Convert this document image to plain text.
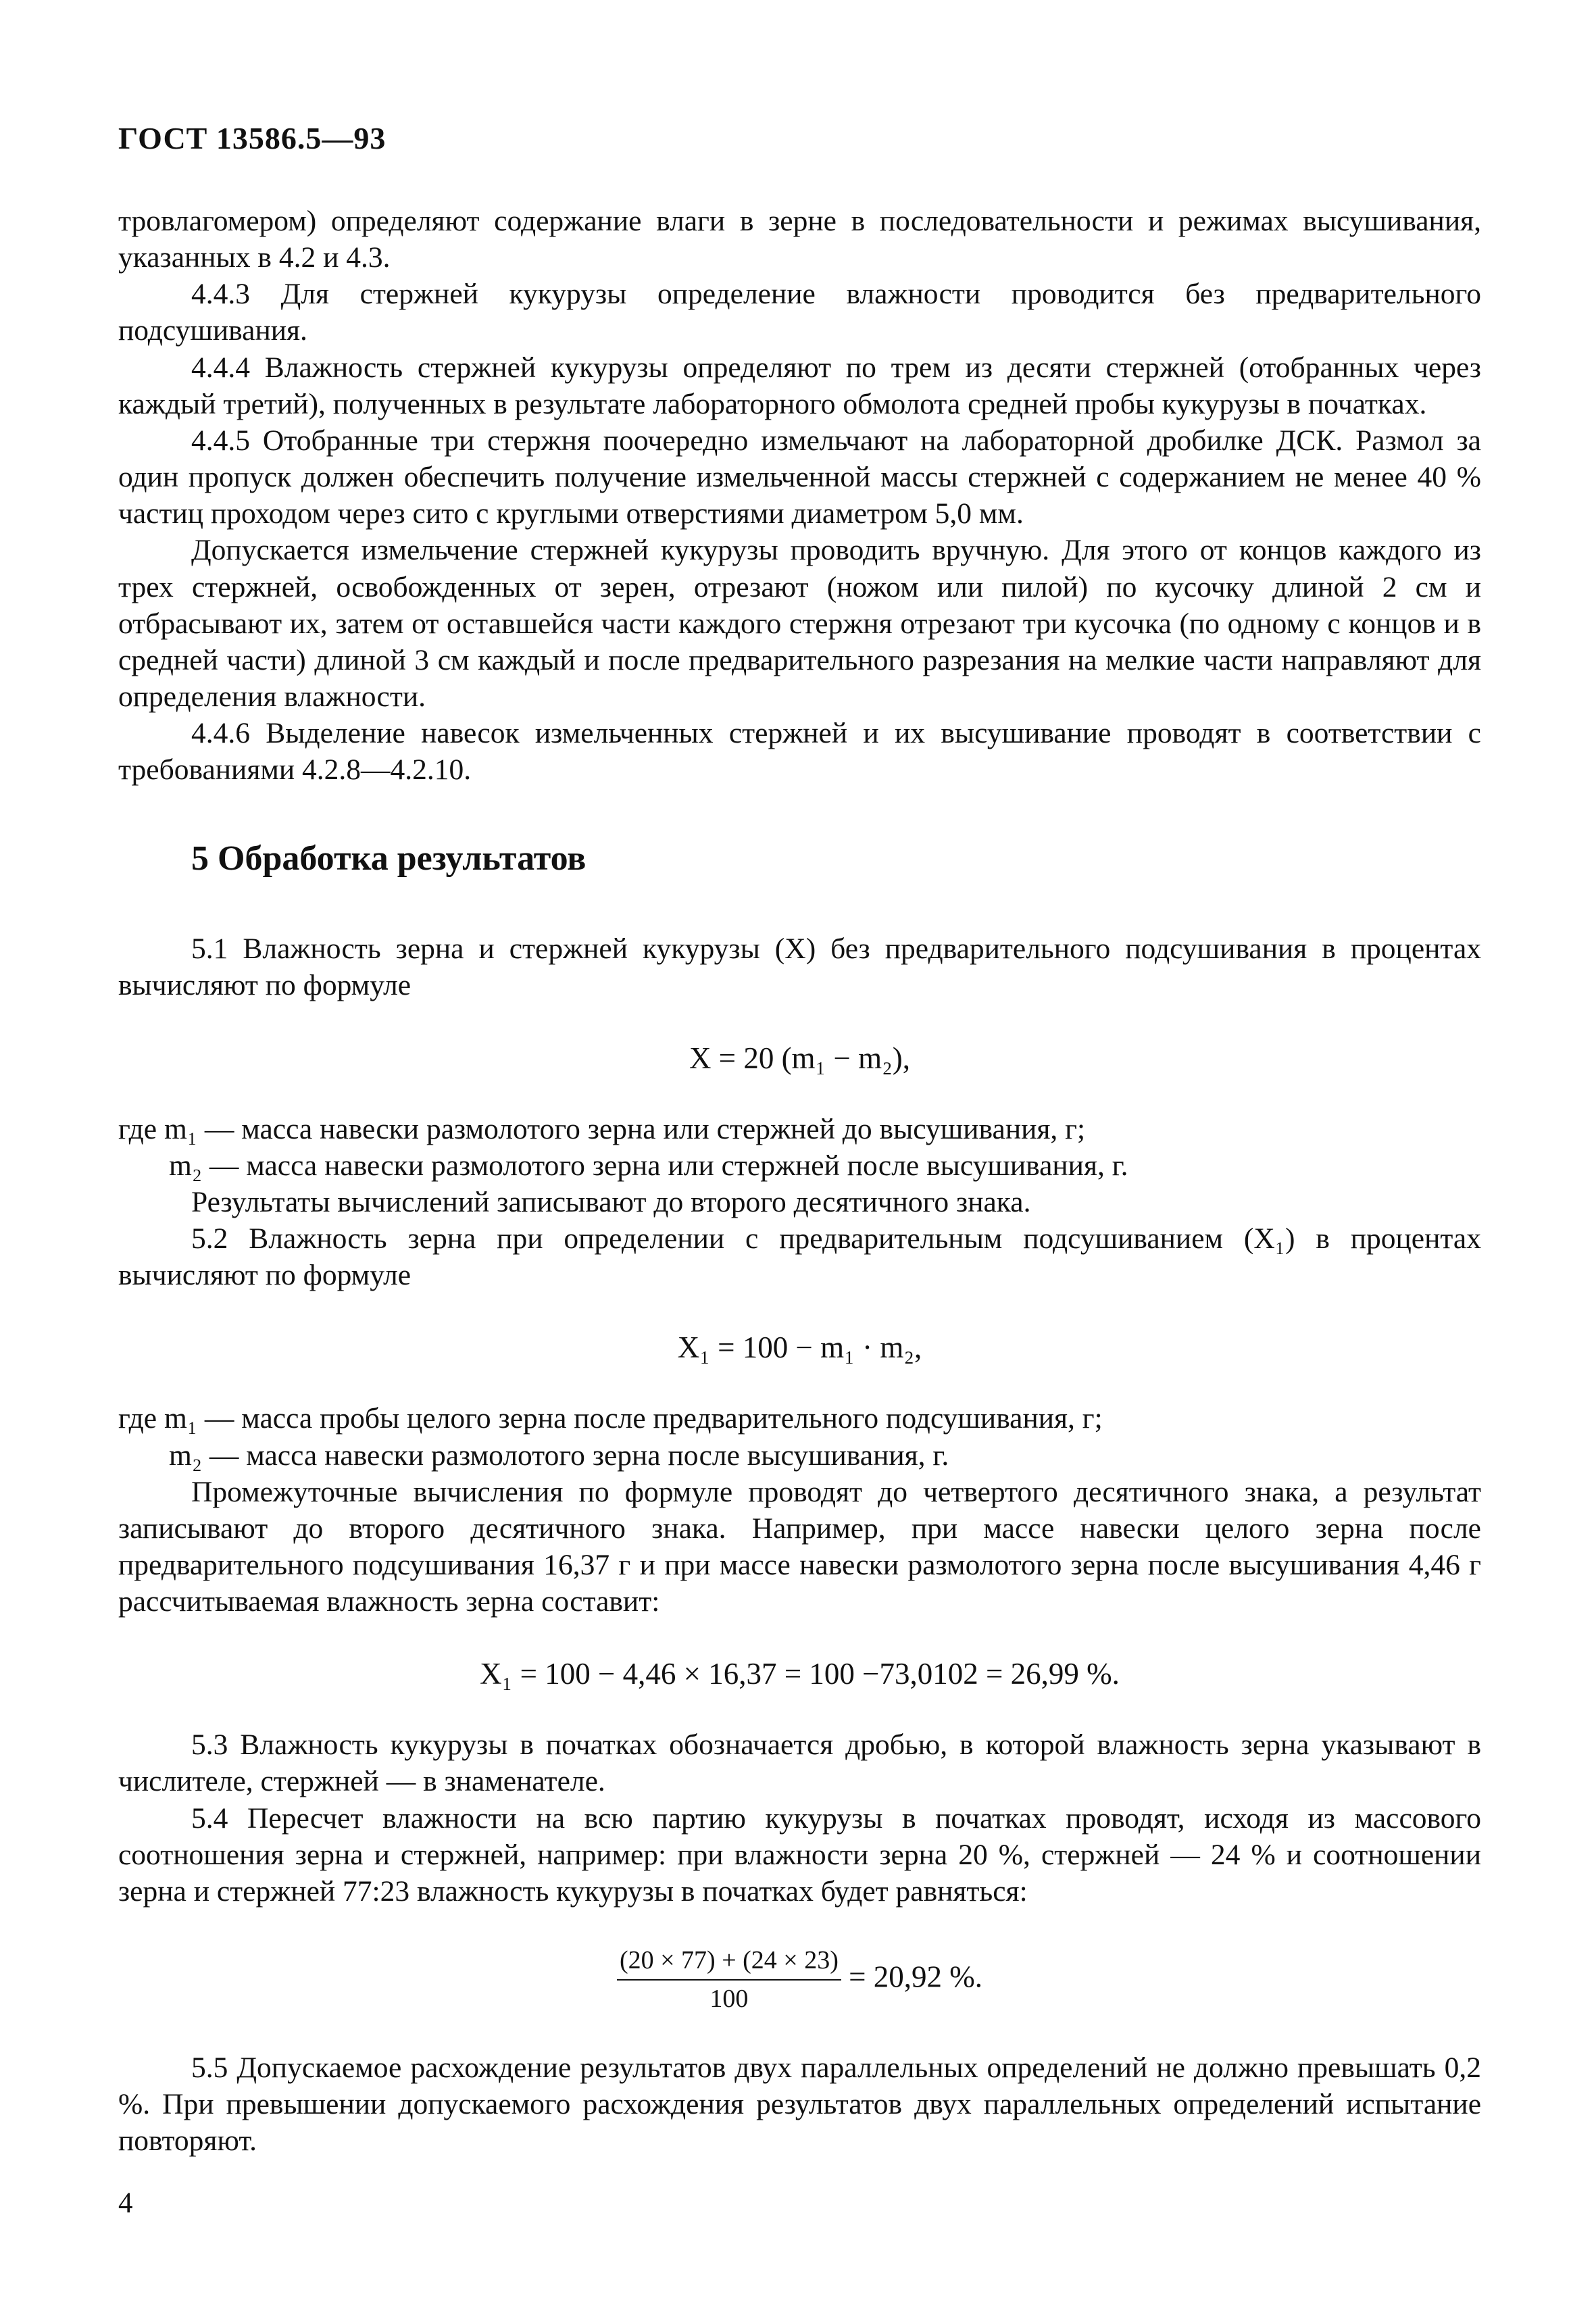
ГОСТ 13586.5—93

тровлагомером) определяют содержание влаги в зерне в последовательности и режимах высушивания, указанных в 4.2 и 4.3.

4.4.3 Для стержней кукурузы определение влажности проводится без предварительного подсушивания.

4.4.4 Влажность стержней кукурузы определяют по трем из десяти стержней (отобранных через каждый третий), полученных в результате лабораторного обмолота средней пробы кукурузы в початках.

4.4.5 Отобранные три стержня поочередно измельчают на лабораторной дробилке ДСК. Размол за один пропуск должен обеспечить получение измельченной массы стержней с содержанием не менее 40 % частиц проходом через сито с круглыми отверстиями диаметром 5,0 мм.

Допускается измельчение стержней кукурузы проводить вручную. Для этого от концов каждого из трех стержней, освобожденных от зерен, отрезают (ножом или пилой) по кусочку длиной 2 см и отбрасывают их, затем от оставшейся части каждого стержня отрезают три кусочка (по одному с концов и в средней части) длиной 3 см каждый и после предварительного разрезания на мелкие части направляют для определения влажности.

4.4.6 Выделение навесок измельченных стержней и их высушивание проводят в соответствии с требованиями 4.2.8—4.2.10.

5 Обработка результатов

5.1 Влажность зерна и стержней кукурузы (X) без предварительного подсушивания в процентах вычисляют по формуле

X = 20 (m₁ − m₂),

где m₁ — масса навески размолотого зерна или стержней до высушивания, г;

m₂ — масса навески размолотого зерна или стержней после высушивания, г.

Результаты вычислений записывают до второго десятичного знака.

5.2 Влажность зерна при определении с предварительным подсушиванием (X₁) в процентах вычисляют по формуле

X₁ = 100 − m₁ · m₂,

где m₁ — масса пробы целого зерна после предварительного подсушивания, г;

m₂ — масса навески размолотого зерна после высушивания, г.

Промежуточные вычисления по формуле проводят до четвертого десятичного знака, а результат записывают до второго десятичного знака. Например, при массе навески целого зерна после предварительного подсушивания 16,37 г и при массе навески размолотого зерна после высушивания 4,46 г рассчитываемая влажность зерна составит:

X₁ = 100 − 4,46 × 16,37 = 100 −73,0102 = 26,99 %.

5.3 Влажность кукурузы в початках обозначается дробью, в которой влажность зерна указывают в числителе, стержней — в знаменателе.

5.4 Пересчет влажности на всю партию кукурузы в початках проводят, исходя из массового соотношения зерна и стержней, например: при влажности зерна 20 %, стержней — 24 % и соотношении зерна и стержней 77:23 влажность кукурузы в початках будет равняться:

$\frac{(20 \times 77) + (24 \times 23)}{100} = 20,92$ %.

5.5 Допускаемое расхождение результатов двух параллельных определений не должно превышать 0,2 %. При превышении допускаемого расхождения результатов двух параллельных определений испытание повторяют.

4
